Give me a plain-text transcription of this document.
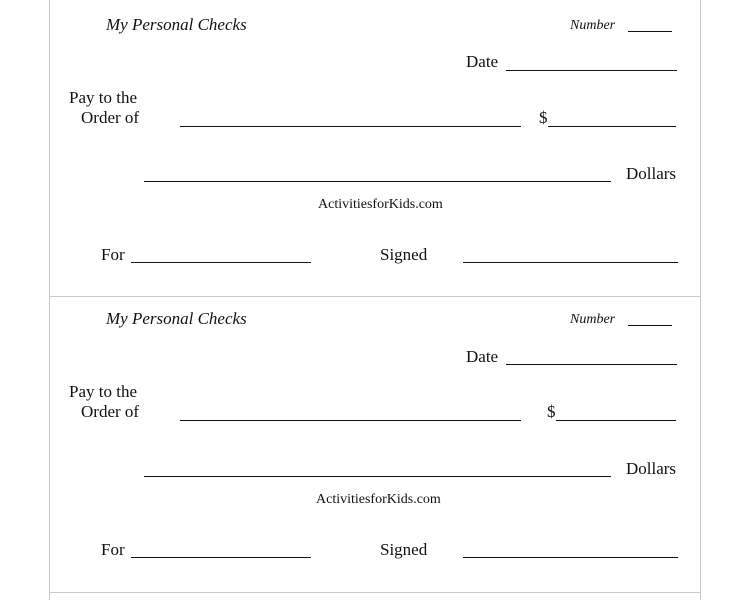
My Personal Checks	Number
Date
Pay to the
Order of	$
Dollars
ActivitiesforKids.com
For	Signed
My Personal Checks	Number
Date
Pay to the
Order of	$
Dollars
ActivitiesforKids.com
For	Signed
